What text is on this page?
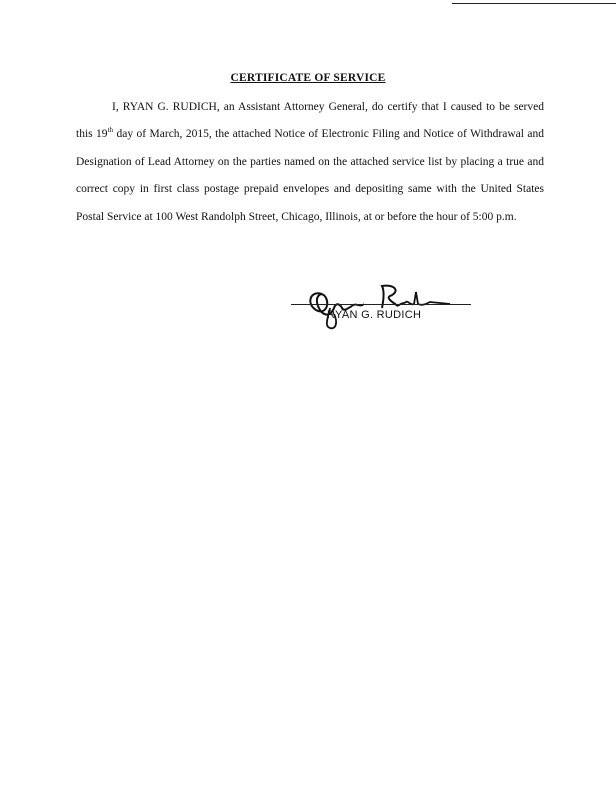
CERTIFICATE OF SERVICE

I, RYAN G. RUDICH, an Assistant Attorney General, do certify that I caused to be served this 19th day of March, 2015, the attached Notice of Electronic Filing and Notice of Withdrawal and Designation of Lead Attorney on the parties named on the attached service list by placing a true and correct copy in first class postage prepaid envelopes and depositing same with the United States Postal Service at 100 West Randolph Street, Chicago, Illinois, at or before the hour of 5:00 p.m.

RYAN G. RUDICH
